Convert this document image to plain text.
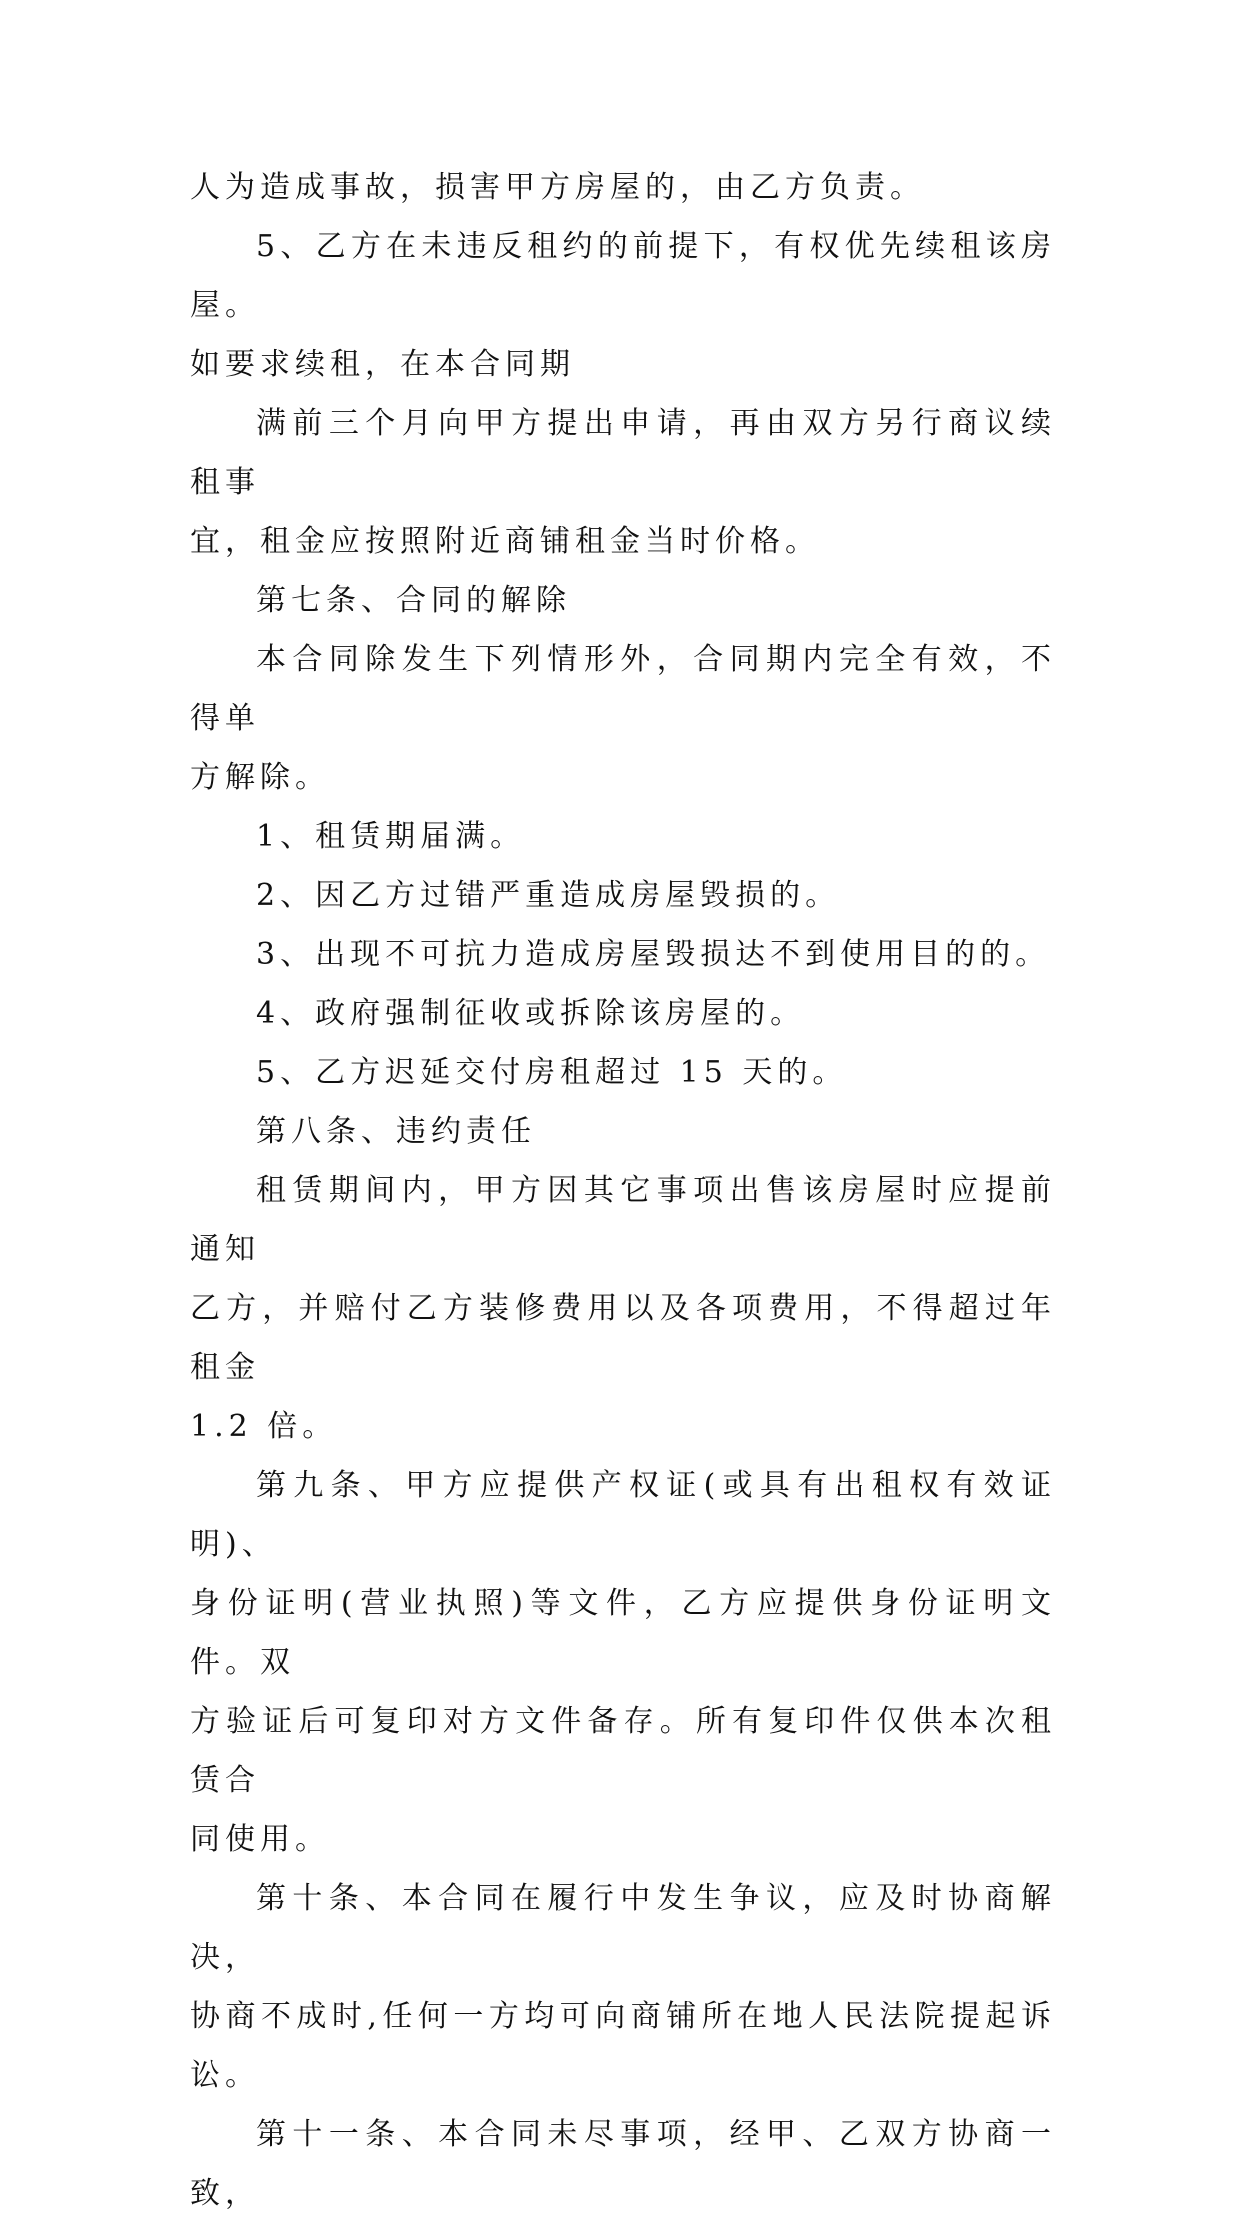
人为造成事故，损害甲方房屋的，由乙方负责。

5、乙方在未违反租约的前提下，有权优先续租该房屋。
如要求续租，在本合同期

满前三个月向甲方提出申请，再由双方另行商议续租事
宜，租金应按照附近商铺租金当时价格。

第七条、合同的解除

本合同除发生下列情形外，合同期内完全有效，不得单
方解除。

1、租赁期届满。

2、因乙方过错严重造成房屋毁损的。

3、出现不可抗力造成房屋毁损达不到使用目的的。

4、政府强制征收或拆除该房屋的。

5、乙方迟延交付房租超过 15 天的。

第八条、违约责任

租赁期间内，甲方因其它事项出售该房屋时应提前通知
乙方，并赔付乙方装修费用以及各项费用，不得超过年租金
1.2 倍。

第九条、甲方应提供产权证(或具有出租权有效证明)、
身份证明(营业执照)等文件，乙方应提供身份证明文件。双
方验证后可复印对方文件备存。所有复印件仅供本次租赁合
同使用。

第十条、本合同在履行中发生争议，应及时协商解决，
协商不成时,任何一方均可向商铺所在地人民法院提起诉讼。

第十一条、本合同未尽事项，经甲、乙双方协商一致，
